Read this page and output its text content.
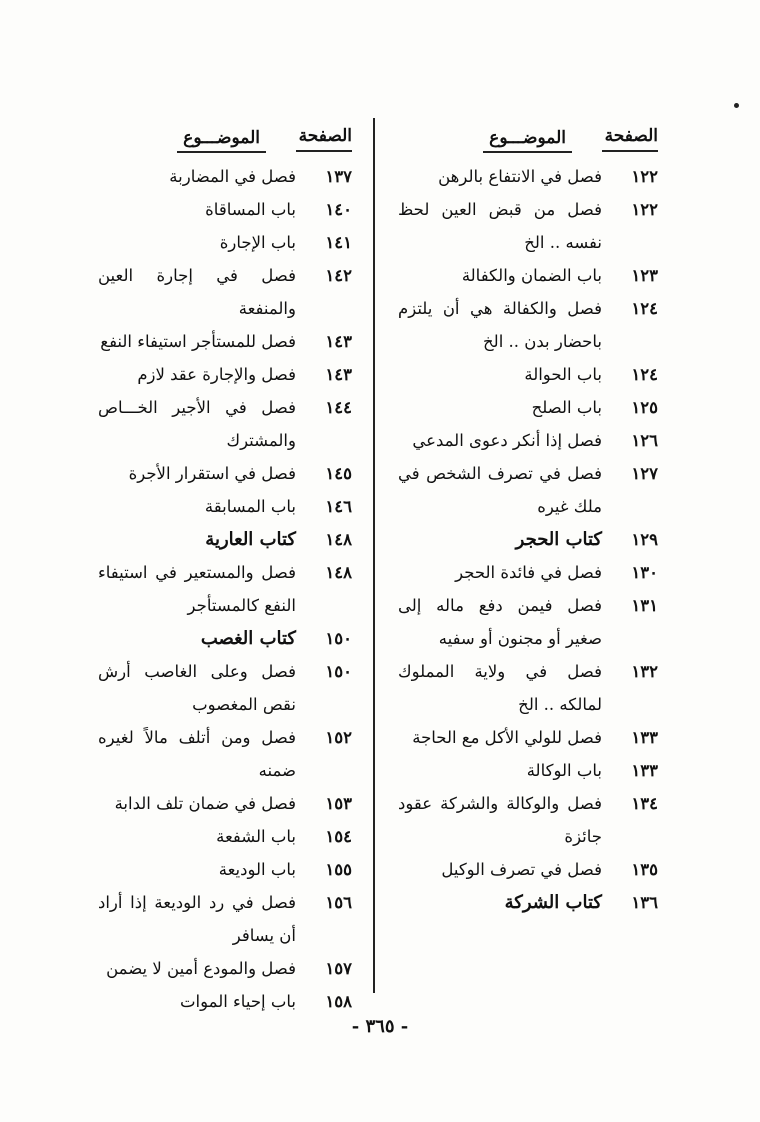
الصفحة
الموضـــوع
١٢٢
فصل في الانتفاع بالرهن
١٢٢
فصل من قبض العين لحظ نفسه .. الخ
١٢٣
باب الضمان والكفالة
١٢٤
فصل والكفالة هي أن يلتزم باحضار بدن .. الخ
١٢٤
باب الحوالة
١٢٥
باب الصلح
١٢٦
فصل إذا أنكر دعوى المدعي
١٢٧
فصل في تصرف الشخص في ملك غيره
١٢٩
كتاب الحجر
١٣٠
فصل في فائدة الحجر
١٣١
فصل فيمن دفع ماله إلى صغير أو مجنون أو سفيه
١٣٢
فصل في ولاية المملوك لمالكه .. الخ
١٣٣
فصل للولي الأكل مع الحاجة
١٣٣
باب الوكالة
١٣٤
فصل والوكالة والشركة عقود جائزة
١٣٥
فصل في تصرف الوكيل
١٣٦
كتاب الشركة
الصفحة
الموضـــوع
١٣٧
فصل في المضاربة
١٤٠
باب المساقاة
١٤١
باب الإجارة
١٤٢
فصل في إجارة العين والمنفعة
١٤٣
فصل للمستأجر استيفاء النفع
١٤٣
فصل والإجارة عقد لازم
١٤٤
فصل في الأجير الخـــاص والمشترك
١٤٥
فصل في استقرار الأجرة
١٤٦
باب المسابقة
١٤٨
كتاب العارية
١٤٨
فصل والمستعير في استيفاء النفع كالمستأجر
١٥٠
كتاب الغصب
١٥٠
فصل وعلى الغاصب أرش نقص المغصوب
١٥٢
فصل ومن أتلف مالاً لغيره ضمنه
١٥٣
فصل في ضمان تلف الدابة
١٥٤
باب الشفعة
١٥٥
باب الوديعة
١٥٦
فصل في رد الوديعة إذا أراد أن يسافر
١٥٧
فصل والمودع أمين لا يضمن
١٥٨
باب إحياء الموات
- ٣٦٥ -
